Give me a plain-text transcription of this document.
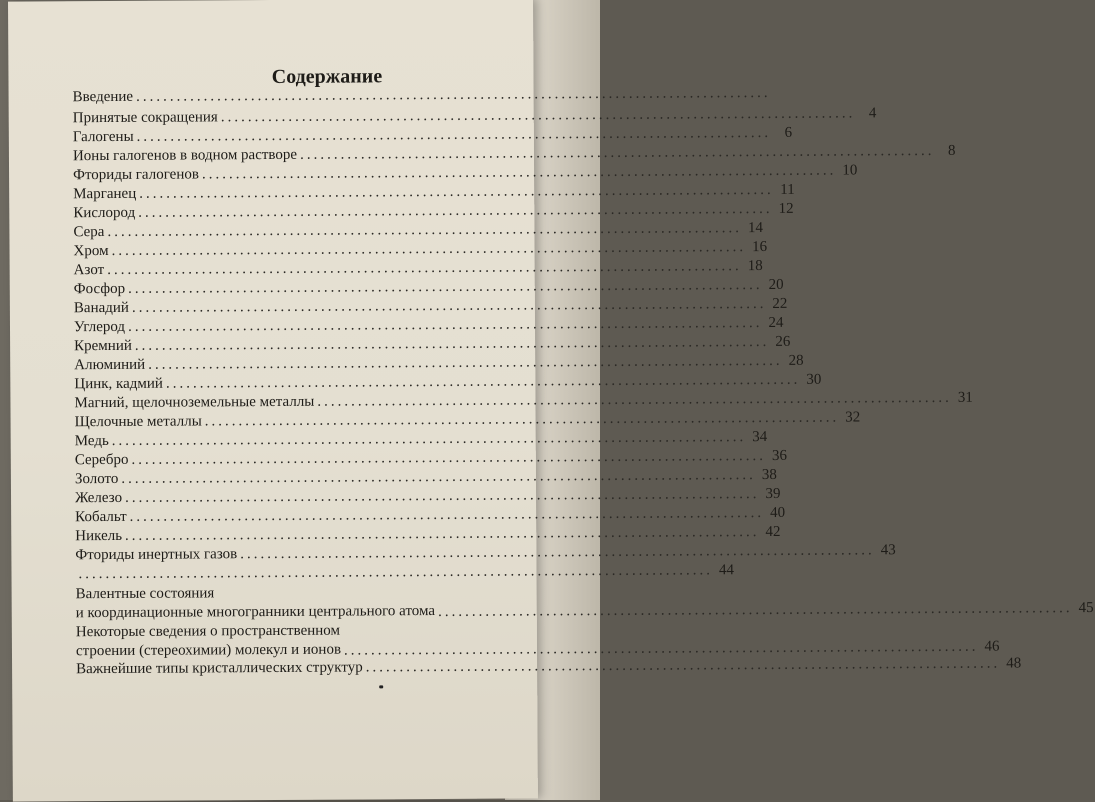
Содержание
Введение ..............................................................................................
Принятые сокращения .............................................................................................. 4
Галогены .............................................................................................. 6
Ионы галогенов в водном растворе .............................................................................................. 8
Фториды галогенов .............................................................................................. 10
Марганец .............................................................................................. 11
Кислород .............................................................................................. 12
Сера .............................................................................................. 14
Хром .............................................................................................. 16
Азот .............................................................................................. 18
Фосфор .............................................................................................. 20
Ванадий .............................................................................................. 22
Углерод .............................................................................................. 24
Кремний .............................................................................................. 26
Алюминий .............................................................................................. 28
Цинк, кадмий .............................................................................................. 30
Магний, щелочноземельные металлы .............................................................................................. 31
Щелочные металлы .............................................................................................. 32
Медь .............................................................................................. 34
Серебро .............................................................................................. 36
Золото .............................................................................................. 38
Железо .............................................................................................. 39
Кобальт .............................................................................................. 40
Никель .............................................................................................. 42
Фториды инертных газов .............................................................................................. 43
.............................................................................................. 44
Валентные состояния
и координационные многогранники центрального атома .............................................................................................. 45
Некоторые сведения о пространственном
строении (стереохимии) молекул и ионов .............................................................................................. 46
Важнейшие типы кристаллических структур .............................................................................................. 48
